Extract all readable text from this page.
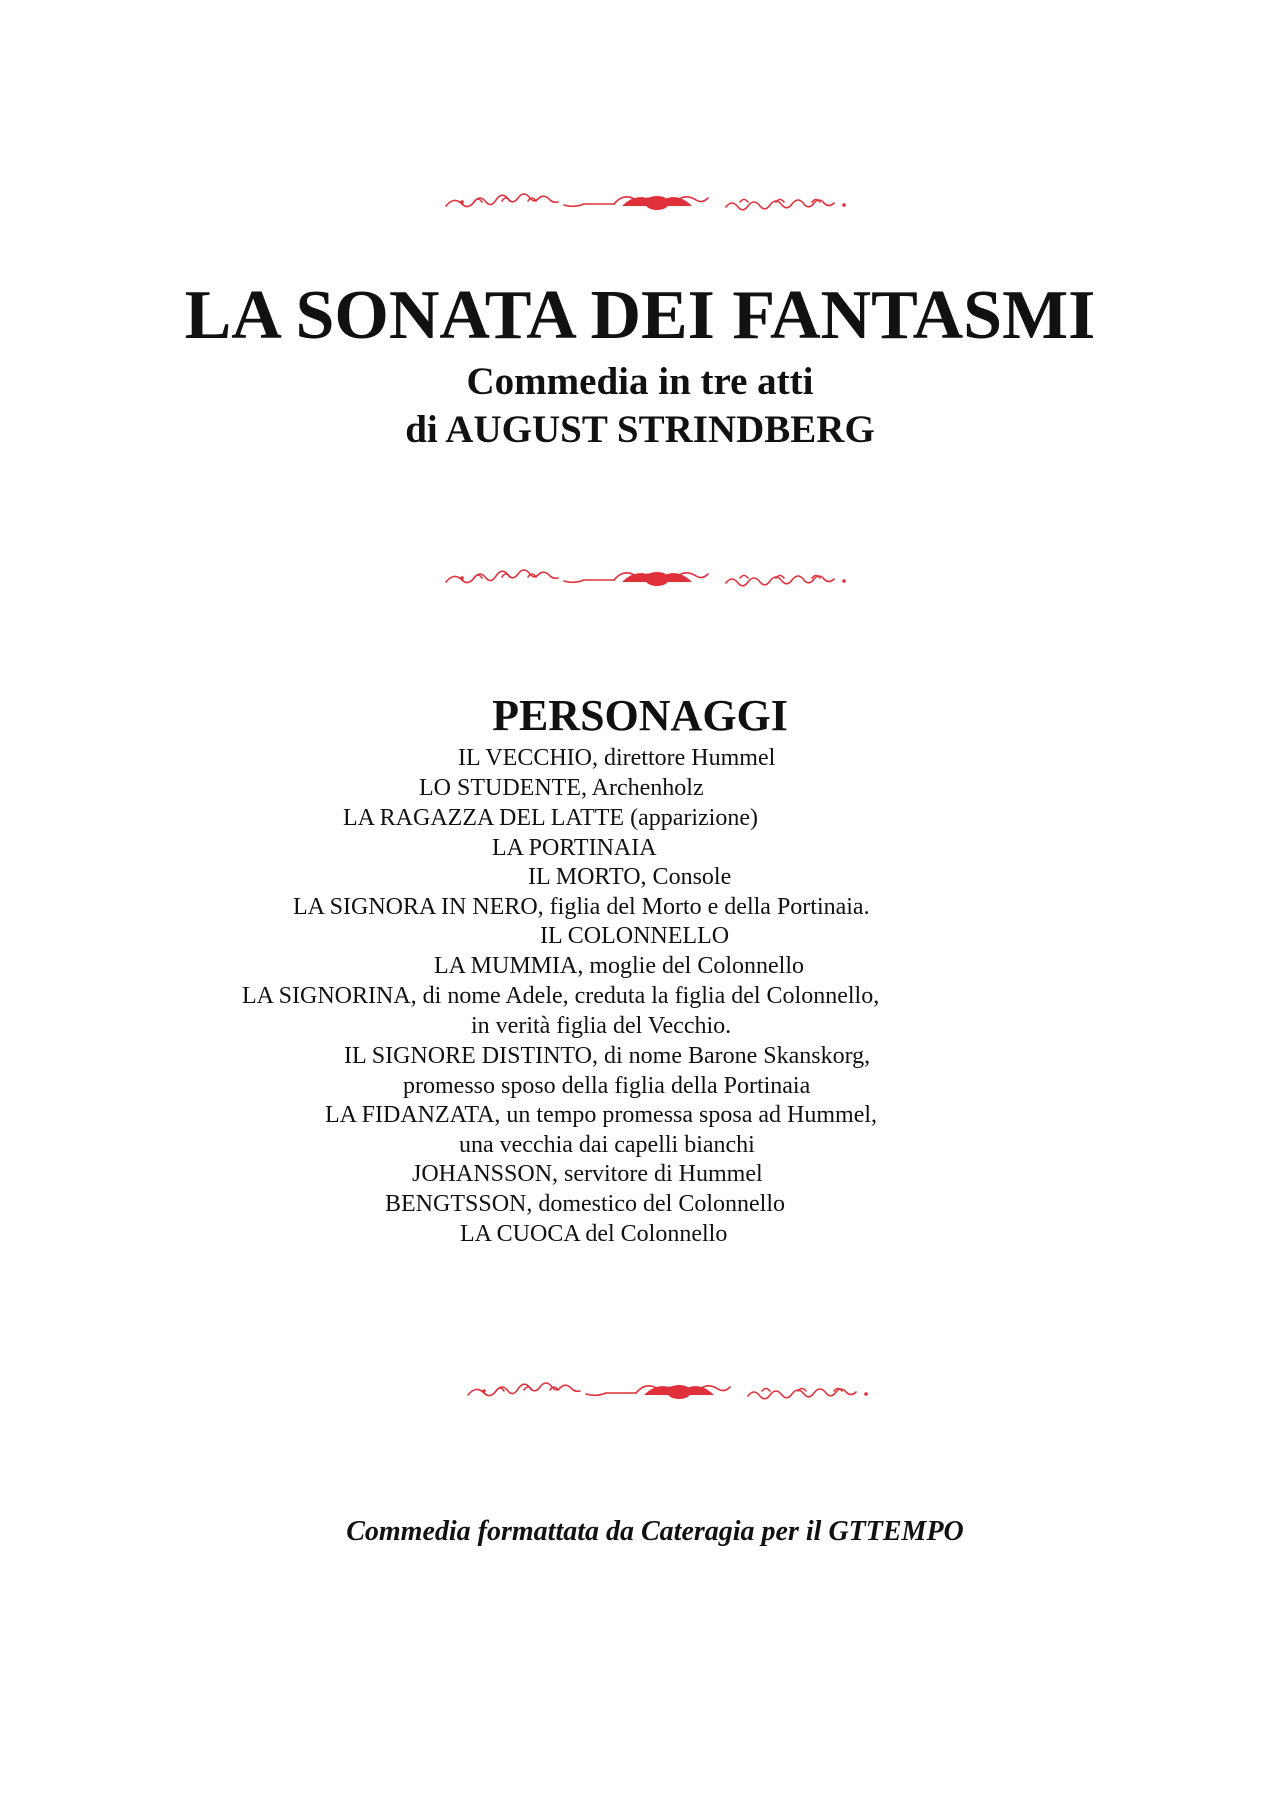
LA SONATA DEI FANTASMI

Commedia in tre atti

di AUGUST STRINDBERG

PERSONAGGI
IL VECCHIO, direttore Hummel
LO STUDENTE, Archenholz
LA RAGAZZA DEL LATTE (apparizione)
LA PORTINAIA
IL MORTO, Console
LA SIGNORA IN NERO, figlia del Morto e della Portinaia.
IL COLONNELLO
LA MUMMIA, moglie del Colonnello
LA SIGNORINA, di nome Adele, creduta la figlia del Colonnello,
in verità figlia del Vecchio.
IL SIGNORE DISTINTO, di nome Barone Skanskorg,
promesso sposo della figlia della Portinaia
LA FIDANZATA, un tempo promessa sposa ad Hummel,
una vecchia dai capelli bianchi
JOHANSSON, servitore di Hummel
BENGTSSON, domestico del Colonnello
LA CUOCA del Colonnello
Commedia formattata da Cateragia per il GTTEMPO
